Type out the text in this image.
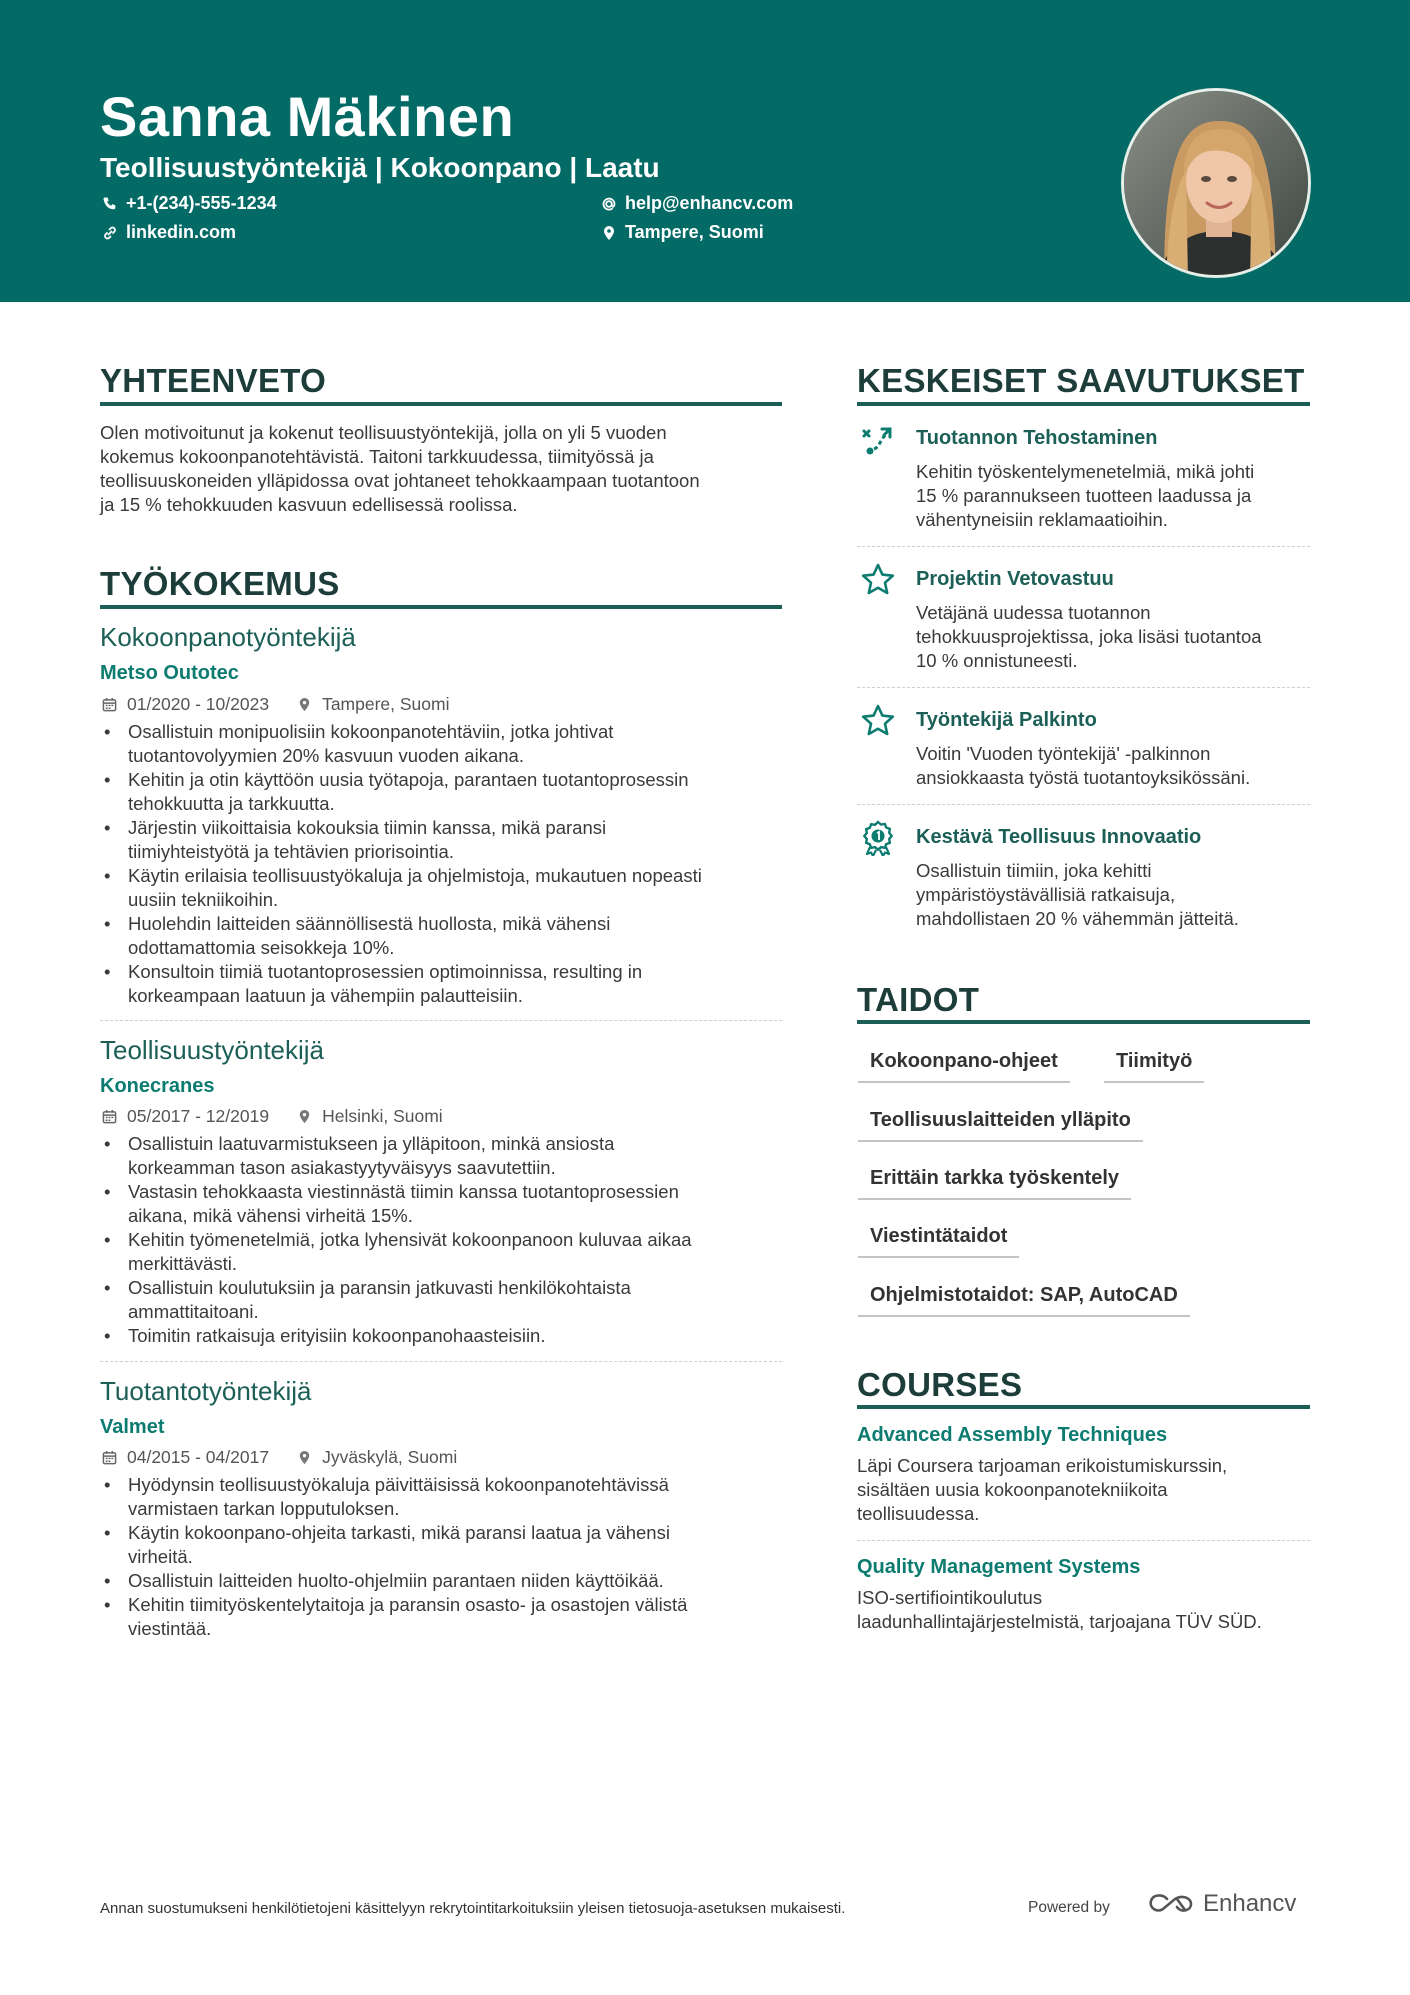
Sanna Mäkinen
Teollisuustyöntekijä | Kokoonpano | Laatu
+1-(234)-555-1234	help@enhancv.com
linkedin.com	Tampere, Suomi
YHTEENVETO
Olen motivoitunut ja kokenut teollisuustyöntekijä, jolla on yli 5 vuoden
kokemus kokoonpanotehtävistä. Taitoni tarkkuudessa, tiimityössä ja
teollisuuskoneiden ylläpidossa ovat johtaneet tehokkaampaan tuotantoon
ja 15 % tehokkuuden kasvuun edellisessä roolissa.
TYÖKOKEMUS
Kokoonpanotyöntekijä
Metso Outotec
01/2020 - 10/2023	Tampere, Suomi
• Osallistuin monipuolisiin kokoonpanotehtäviin, jotka johtivat
tuotantovolyymien 20% kasvuun vuoden aikana.
• Kehitin ja otin käyttöön uusia työtapoja, parantaen tuotantoprosessin
tehokkuutta ja tarkkuutta.
• Järjestin viikoittaisia kokouksia tiimin kanssa, mikä paransi
tiimiyhteistyötä ja tehtävien priorisointia.
• Käytin erilaisia teollisuustyökaluja ja ohjelmistoja, mukautuen nopeasti
uusiin tekniikoihin.
• Huolehdin laitteiden säännöllisestä huollosta, mikä vähensi
odottamattomia seisokkeja 10%.
• Konsultoin tiimiä tuotantoprosessien optimoinnissa, resulting in
korkeampaan laatuun ja vähempiin palautteisiin.
Teollisuustyöntekijä
Konecranes
05/2017 - 12/2019	Helsinki, Suomi
• Osallistuin laatuvarmistukseen ja ylläpitoon, minkä ansiosta
korkeamman tason asiakastyytyväisyys saavutettiin.
• Vastasin tehokkaasta viestinnästä tiimin kanssa tuotantoprosessien
aikana, mikä vähensi virheitä 15%.
• Kehitin työmenetelmiä, jotka lyhensivät kokoonpanoon kuluvaa aikaa
merkittävästi.
• Osallistuin koulutuksiin ja paransin jatkuvasti henkilökohtaista
ammattitaitoani.
• Toimitin ratkaisuja erityisiin kokoonpanohaasteisiin.
Tuotantotyöntekijä
Valmet
04/2015 - 04/2017	Jyväskylä, Suomi
• Hyödynsin teollisuustyökaluja päivittäisissä kokoonpanotehtävissä
varmistaen tarkan lopputuloksen.
• Käytin kokoonpano-ohjeita tarkasti, mikä paransi laatua ja vähensi
virheitä.
• Osallistuin laitteiden huolto-ohjelmiin parantaen niiden käyttöikää.
• Kehitin tiimityöskentelytaitoja ja paransin osasto- ja osastojen välistä
viestintää.
KESKEISET SAAVUTUKSET
Tuotannon Tehostaminen
Kehitin työskentelymenetelmiä, mikä johti
15 % parannukseen tuotteen laadussa ja
vähentyneisiin reklamaatioihin.
Projektin Vetovastuu
Vetäjänä uudessa tuotannon
tehokkuusprojektissa, joka lisäsi tuotantoa
10 % onnistuneesti.
Työntekijä Palkinto
Voitin 'Vuoden työntekijä' -palkinnon
ansiokkaasta työstä tuotantoyksikössäni.
Kestävä Teollisuus Innovaatio
Osallistuin tiimiin, joka kehitti
ympäristöystävällisiä ratkaisuja,
mahdollistaen 20 % vähemmän jätteitä.
TAIDOT
Kokoonpano-ohjeet	Tiimityö
Teollisuuslaitteiden ylläpito
Erittäin tarkka työskentely
Viestintätaidot
Ohjelmistotaidot: SAP, AutoCAD
COURSES
Advanced Assembly Techniques
Läpi Coursera tarjoaman erikoistumiskurssin,
sisältäen uusia kokoonpanotekniikoita
teollisuudessa.
Quality Management Systems
ISO-sertifiointikoulutus
laadunhallintajärjestelmistä, tarjoajana TÜV SÜD.
Annan suostumukseni henkilötietojeni käsittelyyn rekrytointitarkoituksiin yleisen tietosuoja-asetuksen mukaisesti.	Powered by	Enhancv
